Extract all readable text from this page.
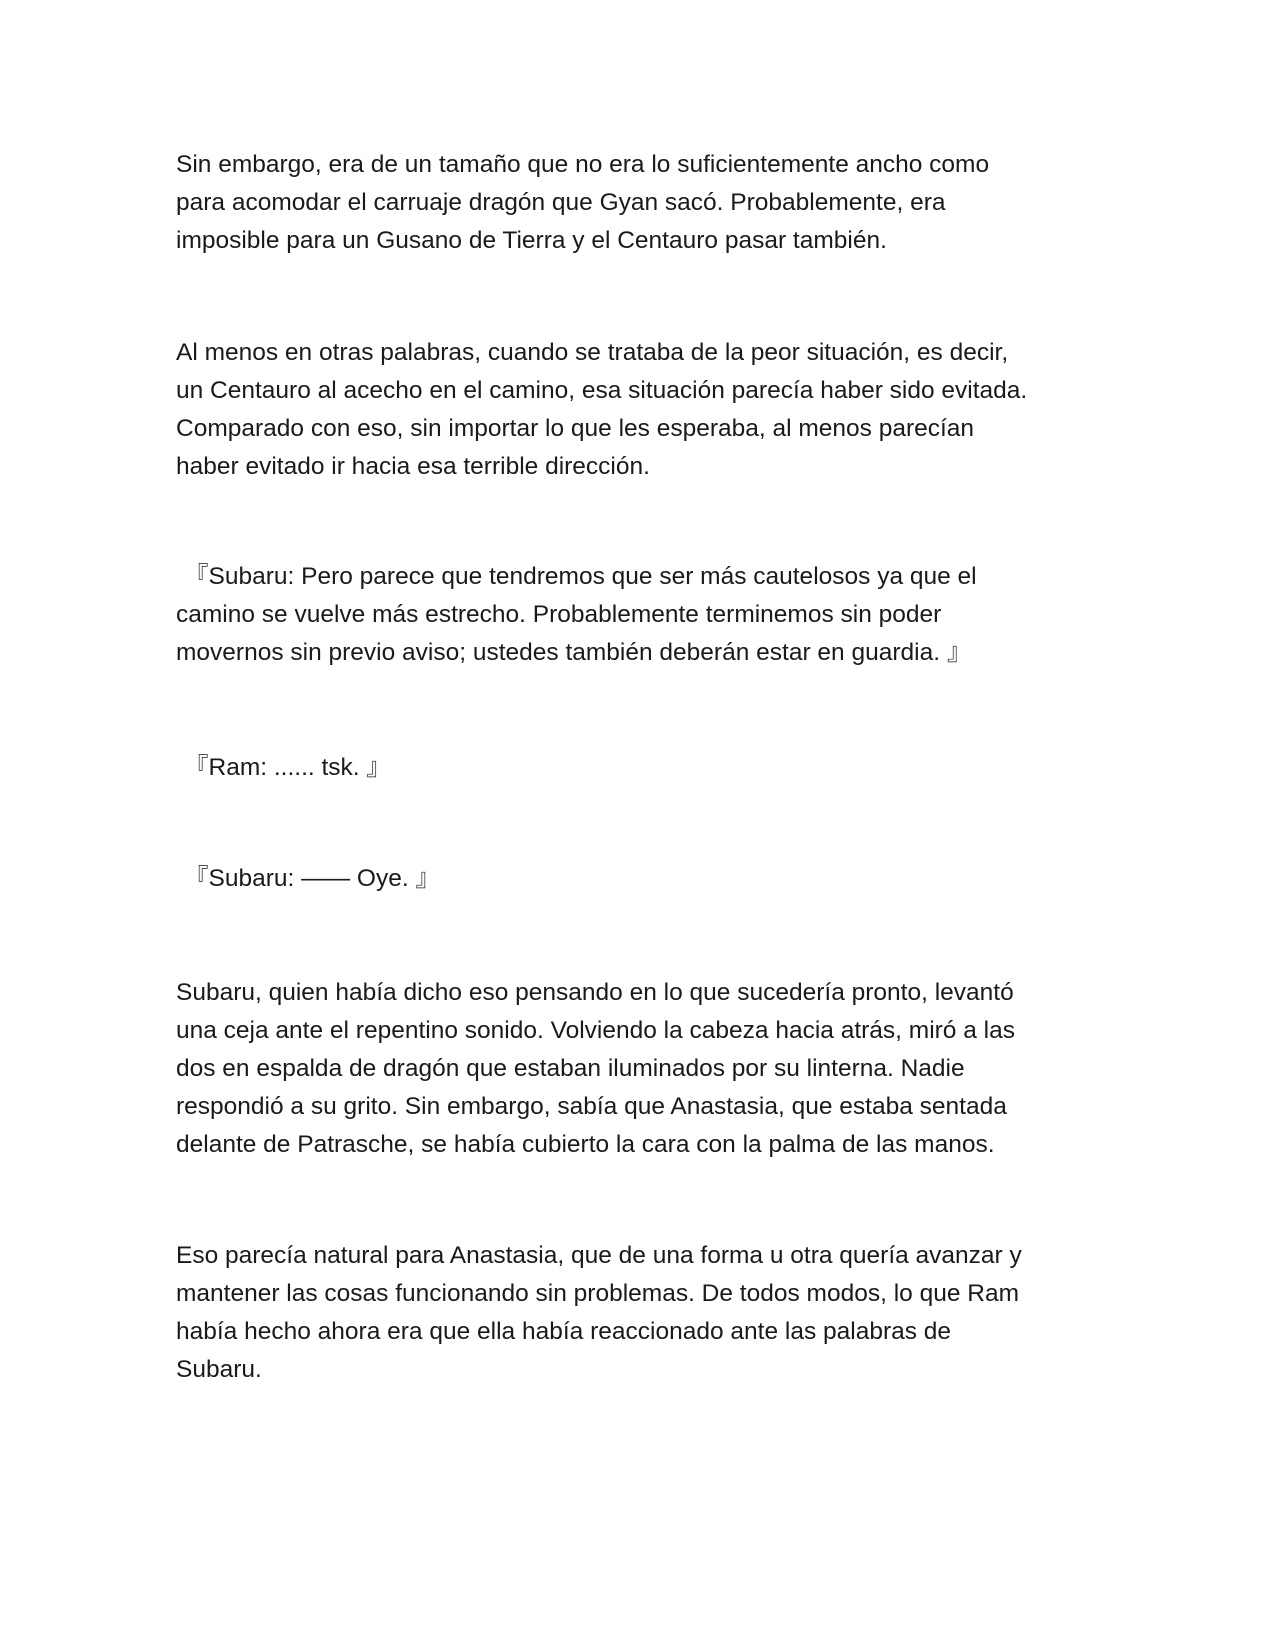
Sin embargo, era de un tamaño que no era lo suficientemente ancho como
para acomodar el carruaje dragón que Gyan sacó. Probablemente, era
imposible para un Gusano de Tierra y el Centauro pasar también.

Al menos en otras palabras, cuando se trataba de la peor situación, es decir,
un Centauro al acecho en el camino, esa situación parecía haber sido evitada.
Comparado con eso, sin importar lo que les esperaba, al menos parecían
haber evitado ir hacia esa terrible dirección.

『Subaru: Pero parece que tendremos que ser más cautelosos ya que el
camino se vuelve más estrecho. Probablemente terminemos sin poder
movernos sin previo aviso; ustedes también deberán estar en guardia. 』

『Ram: ...... tsk. 』

『Subaru: —— Oye. 』

Subaru, quien había dicho eso pensando en lo que sucedería pronto, levantó
una ceja ante el repentino sonido. Volviendo la cabeza hacia atrás, miró a las
dos en espalda de dragón que estaban iluminados por su linterna. Nadie
respondió a su grito. Sin embargo, sabía que Anastasia, que estaba sentada
delante de Patrasche, se había cubierto la cara con la palma de las manos.

Eso parecía natural para Anastasia, que de una forma u otra quería avanzar y
mantener las cosas funcionando sin problemas. De todos modos, lo que Ram
había hecho ahora era que ella había reaccionado ante las palabras de
Subaru.
